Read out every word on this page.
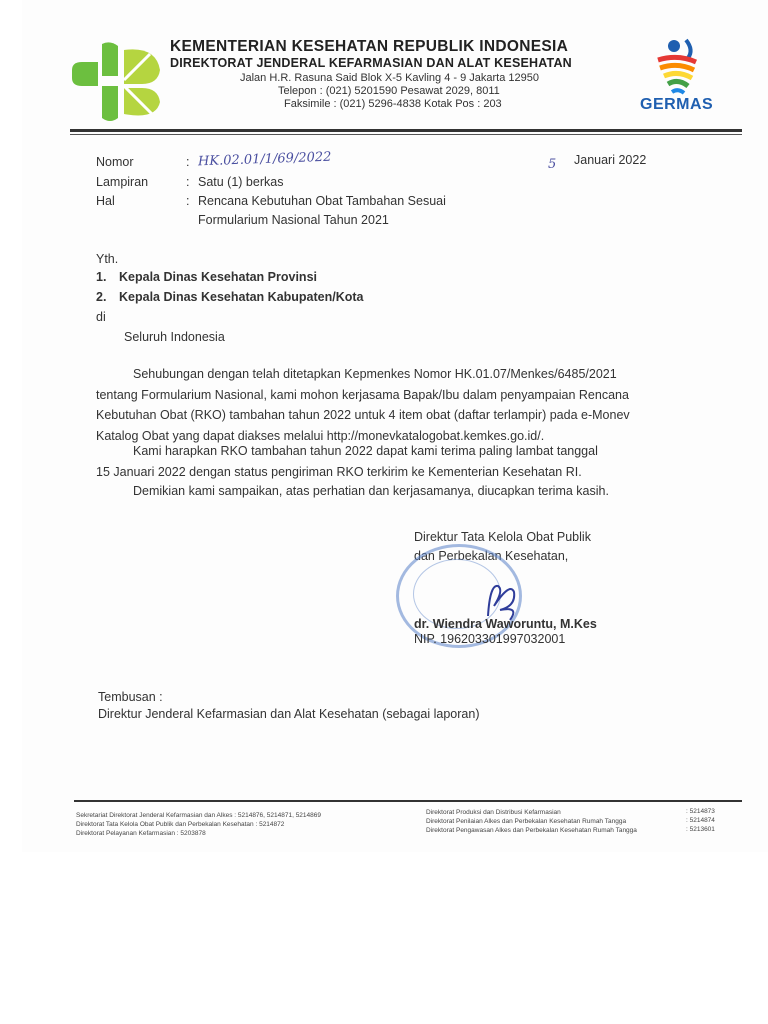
KEMENTERIAN KESEHATAN REPUBLIK INDONESIA
DIREKTORAT JENDERAL KEFARMASIAN DAN ALAT KESEHATAN
Jalan H.R. Rasuna Said Blok X-5 Kavling 4 - 9 Jakarta 12950
Telepon : (021) 5201590 Pesawat 2029, 8011
Faksimile : (021) 5296-4838 Kotak Pos : 203	GERMAS
Nomor	: HK.02.01/1/69/2022	5 Januari 2022
Lampiran	: Satu (1) berkas
Hal	: Rencana Kebutuhan Obat Tambahan Sesuai
Formularium Nasional Tahun 2021
Yth.
1. Kepala Dinas Kesehatan Provinsi
2. Kepala Dinas Kesehatan Kabupaten/Kota
di
Seluruh Indonesia
Sehubungan dengan telah ditetapkan Kepmenkes Nomor HK.01.07/Menkes/6485/2021
tentang Formularium Nasional, kami mohon kerjasama Bapak/Ibu dalam penyampaian Rencana
Kebutuhan Obat (RKO) tambahan tahun 2022 untuk 4 item obat (daftar terlampir) pada e-Monev
Katalog Obat yang dapat diakses melalui http://monevkatalogobat.kemkes.go.id/.
Kami harapkan RKO tambahan tahun 2022 dapat kami terima paling lambat tanggal
15 Januari 2022 dengan status pengiriman RKO terkirim ke Kementerian Kesehatan RI.
Demikian kami sampaikan, atas perhatian dan kerjasamanya, diucapkan terima kasih.
Direktur Tata Kelola Obat Publik
dan Perbekalan Kesehatan,
dr. Wiendra Waworuntu, M.Kes
NIP. 196203301997032001
Tembusan :
Direktur Jenderal Kefarmasian dan Alat Kesehatan (sebagai laporan)
Sekretariat Direktorat Jenderal Kefarmasian dan Alkes : 5214876, 5214871, 5214869
Direktorat Tata Kelola Obat Publik dan Perbekalan Kesehatan : 5214872
Direktorat Pelayanan Kefarmasian : 5203878
Direktorat Produksi dan Distribusi Kefarmasian	: 5214873
Direktorat Penilaian Alkes dan Perbekalan Kesehatan Rumah Tangga	: 5214874
Direktorat Pengawasan Alkes dan Perbekalan Kesehatan Rumah Tangga	: 5213601
